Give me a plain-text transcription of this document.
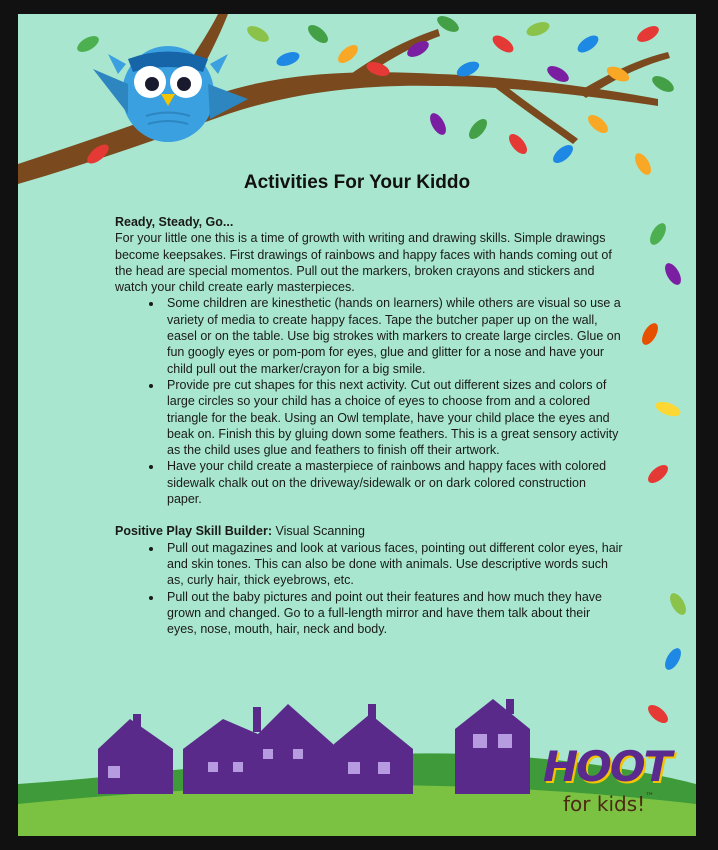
Activities For Your Kiddo

Ready, Steady, Go...

For your little one this is a time of growth with writing and drawing skills. Simple drawings become keepsakes. First drawings of rainbows and happy faces with hands coming out of the head are special momentos. Pull out the markers, broken crayons and stickers and watch your child create early masterpieces.

• Some children are kinesthetic (hands on learners) while others are visual so use a variety of media to create happy faces. Tape the butcher paper up on the wall, easel or on the table. Use big strokes with markers to create large circles. Glue on fun googly eyes or pom-pom for eyes, glue and glitter for a nose and have your child pull out the marker/crayon for a big smile.
• Provide pre cut shapes for this next activity. Cut out different sizes and colors of large circles so your child has a choice of eyes to choose from and a colored triangle for the beak. Using an Owl template, have your child place the eyes and beak on. Finish this by gluing down some feathers. This is a great sensory activity as the child uses glue and feathers to finish off their artwork.
• Have your child create a masterpiece of rainbows and happy faces with colored sidewalk chalk out on the driveway/sidewalk or on dark colored construction paper.

Positive Play Skill Builder: Visual Scanning

• Pull out magazines and look at various faces, pointing out different color eyes, hair and skin tones. This can also be done with animals. Use descriptive words such as, curly hair, thick eyebrows, etc.
• Pull out the baby pictures and point out their features and how much they have grown and changed. Go to a full-length mirror and have them talk about their eyes, nose, mouth, hair, neck and body.
HOOT
for kids!™
